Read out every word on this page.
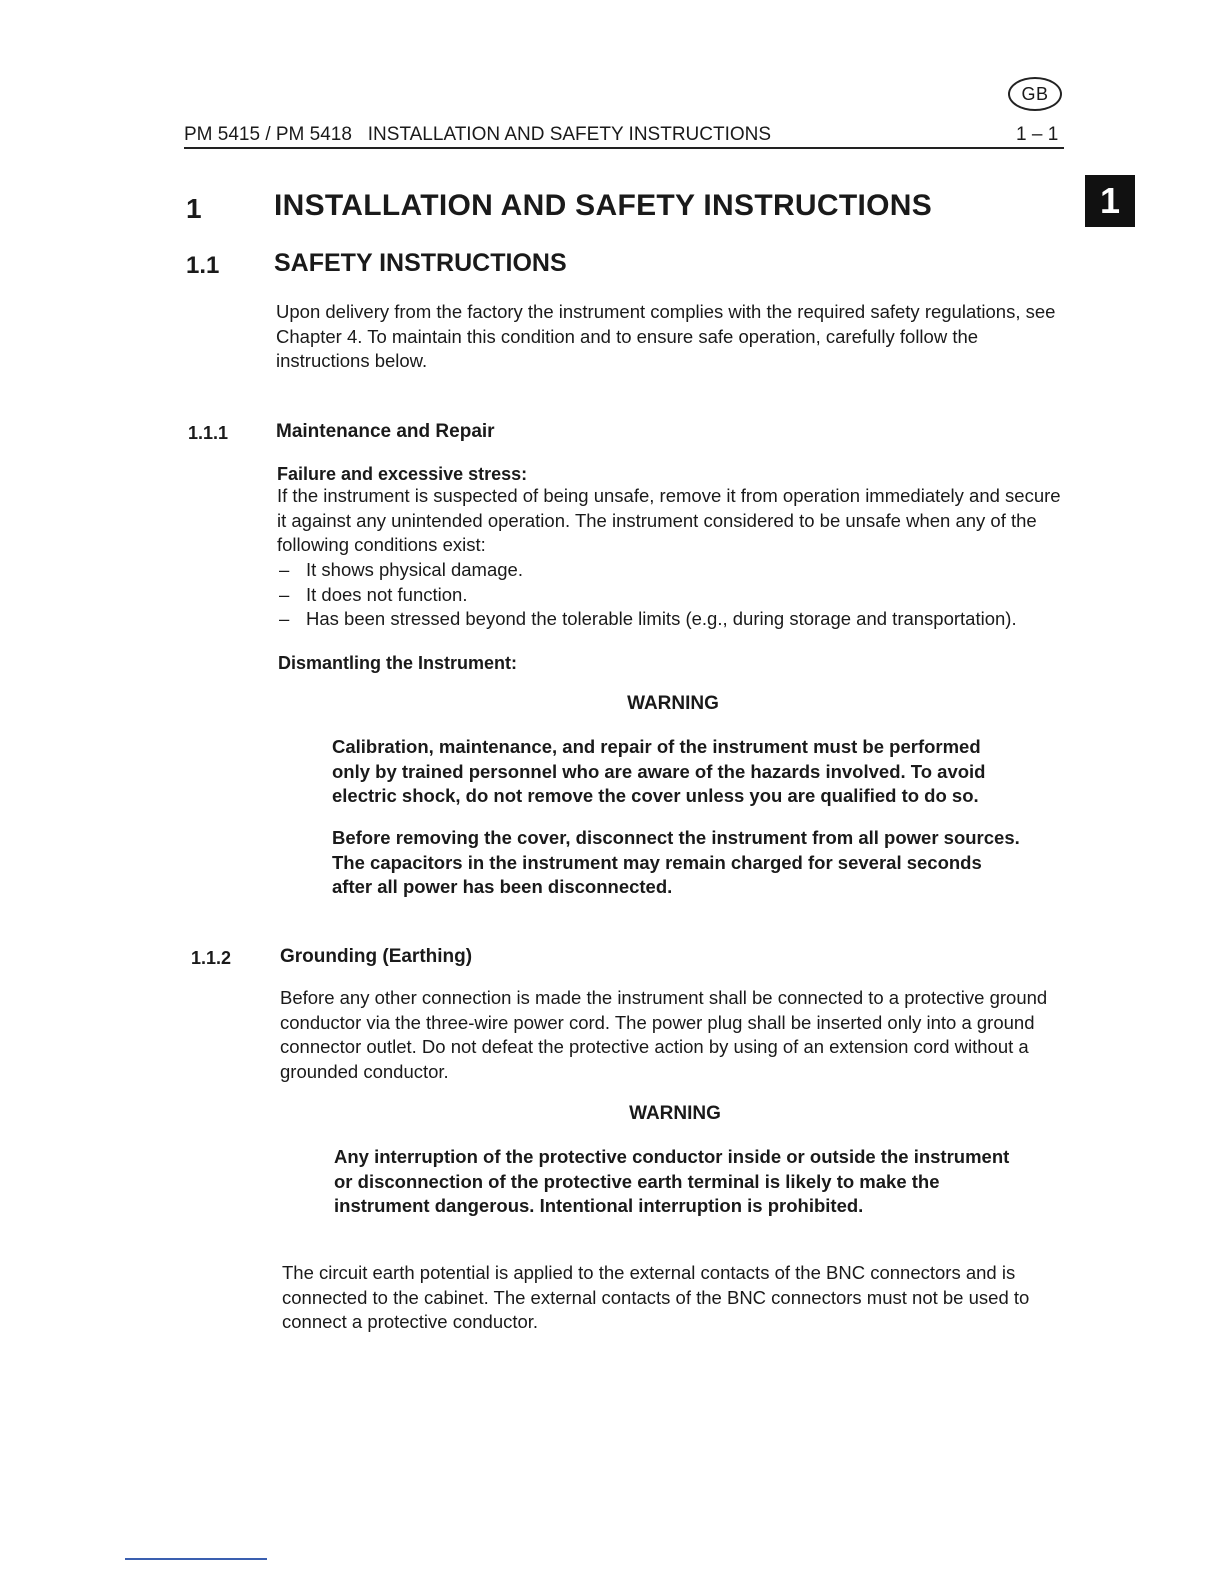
GB
PM 5415 / PM 5418   INSTALLATION AND SAFETY INSTRUCTIONS	1 – 1
1
1 INSTALLATION AND SAFETY INSTRUCTIONS
1.1 SAFETY INSTRUCTIONS
Upon delivery from the factory the instrument complies with the required safety regulations, see Chapter 4. To maintain this condition and to ensure safe operation, carefully follow the instructions below.
1.1.1	Maintenance and Repair
Failure and excessive stress:
If the instrument is suspected of being unsafe, remove it from operation immediately and secure it against any unintended operation. The instrument considered to be unsafe when any of the following conditions exist:
– It shows physical damage.
– It does not function.
– Has been stressed beyond the tolerable limits (e.g., during storage and transportation).
Dismantling the Instrument:
WARNING
Calibration, maintenance, and repair of the instrument must be performed only by trained personnel who are aware of the hazards involved. To avoid electric shock, do not remove the cover unless you are qualified to do so.
Before removing the cover, disconnect the instrument from all power sources. The capacitors in the instrument may remain charged for several seconds after all power has been disconnected.
1.1.2	Grounding (Earthing)
Before any other connection is made the instrument shall be connected to a protective ground conductor via the three-wire power cord. The power plug shall be inserted only into a ground connector outlet. Do not defeat the protective action by using of an extension cord without a grounded conductor.
WARNING
Any interruption of the protective conductor inside or outside the instrument or disconnection of the protective earth terminal is likely to make the instrument dangerous. Intentional interruption is prohibited.
The circuit earth potential is applied to the external contacts of the BNC connectors and is connected to the cabinet. The external contacts of the BNC connectors must not be used to connect a protective conductor.
